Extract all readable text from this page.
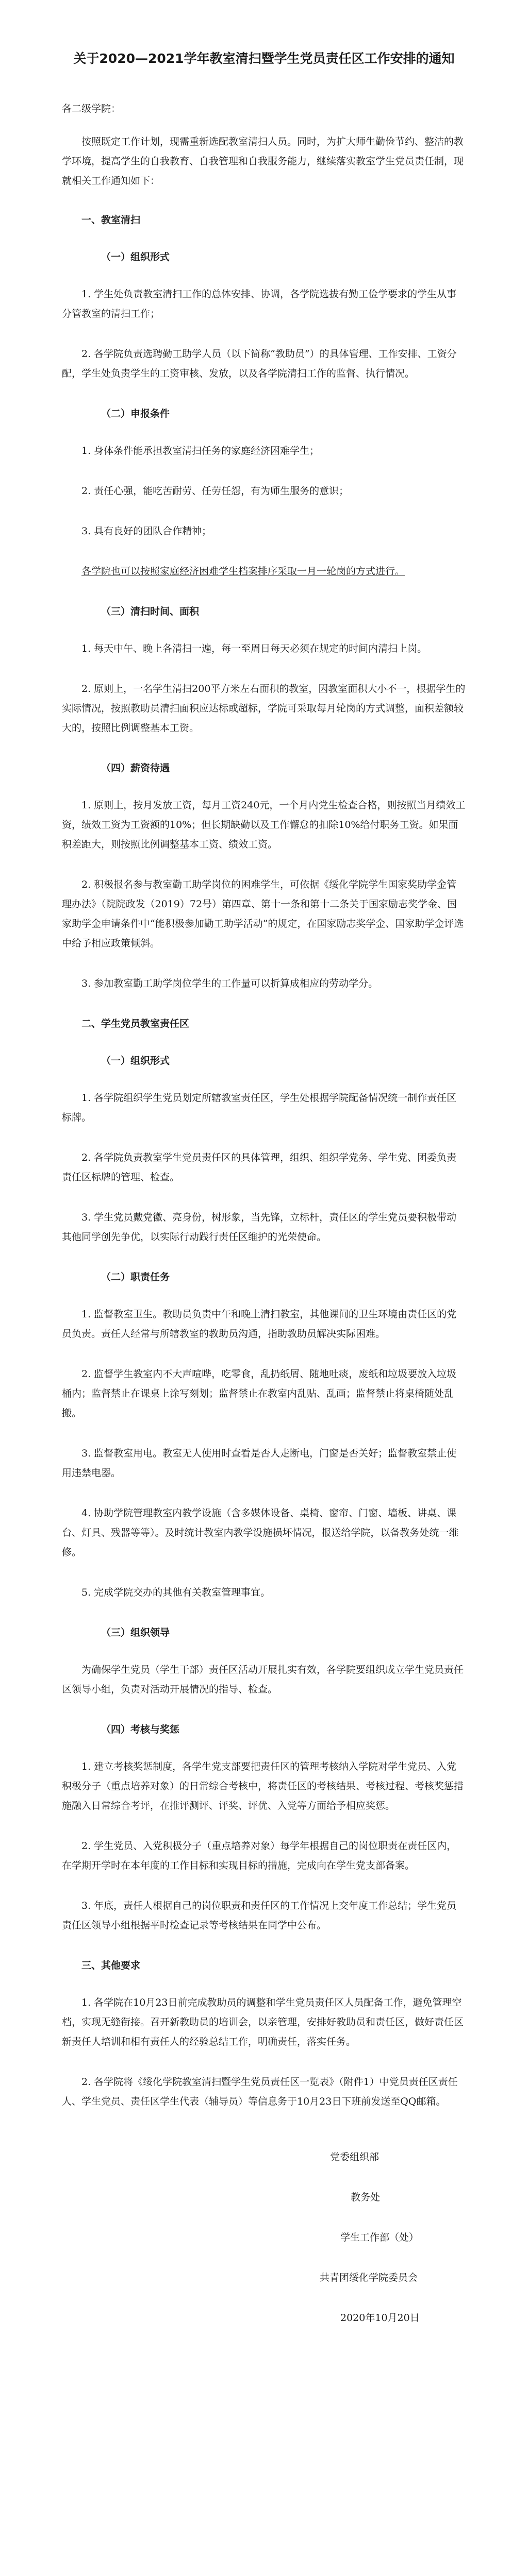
关于2020—2021学年教室清扫暨学生党员责任区工作安排的通知

各二级学院：

按照既定工作计划，现需重新选配教室清扫人员。同时，为扩大师生勤俭节约、整洁的教学环境，提高学生的自我教育、自我管理和自我服务能力，继续落实教室学生党员责任制，现就相关工作通知如下：

一、教室清扫

（一）组织形式

1. 学生处负责教室清扫工作的总体安排、协调，各学院选拔有勤工俭学要求的学生从事分管教室的清扫工作；

2. 各学院负责选聘勤工助学人员（以下简称“教助员”）的具体管理、工作安排、工资分配，学生处负责学生的工资审核、发放，以及各学院清扫工作的监督、执行情况。

（二）申报条件

1. 身体条件能承担教室清扫任务的家庭经济困难学生；

2. 责任心强，能吃苦耐劳、任劳任怨，有为师生服务的意识；

3. 具有良好的团队合作精神；

各学院也可以按照家庭经济困难学生档案排序采取一月一轮岗的方式进行。

（三）清扫时间、面积

1. 每天中午、晚上各清扫一遍，每一至周日每天必须在规定的时间内清扫上岗。

2. 原则上，一名学生清扫200平方米左右面积的教室，因教室面积大小不一，根据学生的实际情况，按照教助员清扫面积应达标或超标，学院可采取每月轮岗的方式调整，面积差额较大的，按照比例调整基本工资。

（四）薪资待遇

1. 原则上，按月发放工资，每月工资240元，一个月内党生检查合格，则按照当月绩效工资，绩效工资为工资额的10%；但长期缺勤以及工作懈怠的扣除10%给付职务工资。如果面积差距大，则按照比例调整基本工资、绩效工资。

2. 积极报名参与教室勤工助学岗位的困难学生，可依据《绥化学院学生国家奖助学金管理办法》（院院政发（2019）72号）第四章、第十一条和第十二条关于国家励志奖学金、国家助学金申请条件中“能积极参加勤工助学活动”的规定，在国家励志奖学金、国家助学金评选中给予相应政策倾斜。

3. 参加教室勤工助学岗位学生的工作量可以折算成相应的劳动学分。

二、学生党员教室责任区

（一）组织形式

1. 各学院组织学生党员划定所辖教室责任区，学生处根据学院配备情况统一制作责任区标牌。

2. 各学院负责教室学生党员责任区的具体管理，组织、组织学党务、学生党、团委负责责任区标牌的管理、检查。

3. 学生党员戴党徽、亮身份，树形象，当先锋，立标杆，责任区的学生党员要积极带动其他同学创先争优，以实际行动践行责任区维护的光荣使命。

（二）职责任务

1. 监督教室卫生。教助员负责中午和晚上清扫教室，其他课间的卫生环境由责任区的党员负责。责任人经常与所辖教室的教助员沟通，指助教助员解决实际困难。

2. 监督学生教室内不大声喧哗，吃零食，乱扔纸屑、随地吐痰，废纸和垃圾要放入垃圾桶内；监督禁止在课桌上涂写刻划；监督禁止在教室内乱贴、乱画；监督禁止将桌椅随处乱搬。

3. 监督教室用电。教室无人使用时查看是否人走断电，门窗是否关好；监督教室禁止使用违禁电器。

4. 协助学院管理教室内教学设施（含多媒体设备、桌椅、窗帘、门窗、墙板、讲桌、课台、灯具、残器等等）。及时统计教室内教学设施损坏情况，报送给学院，以备教务处统一维修。

5. 完成学院交办的其他有关教室管理事宜。

（三）组织领导

为确保学生党员（学生干部）责任区活动开展扎实有效，各学院要组织成立学生党员责任区领导小组，负责对活动开展情况的指导、检查。

（四）考核与奖惩

1. 建立考核奖惩制度，各学生党支部要把责任区的管理考核纳入学院对学生党员、入党积极分子（重点培养对象）的日常综合考核中，将责任区的考核结果、考核过程、考核奖惩措施融入日常综合考评，在推评测评、评奖、评优、入党等方面给予相应奖惩。

2. 学生党员、入党积极分子（重点培养对象）每学年根据自己的岗位职责在责任区内，在学期开学时在本年度的工作目标和实现目标的措施，完成向在学生党支部备案。

3. 年底，责任人根据自己的岗位职责和责任区的工作情况上交年度工作总结；学生党员责任区领导小组根据平时检查记录等考核结果在同学中公布。

三、其他要求

1. 各学院在10月23日前完成教助员的调整和学生党员责任区人员配备工作，避免管理空档，实现无缝衔接。召开新教助员的培训会，以亲管理，安排好教助员和责任区，做好责任区新责任人培训和相有责任人的经验总结工作，明确责任，落实任务。

2. 各学院将《绥化学院教室清扫暨学生党员责任区一览表》（附件1）中党员责任区责任人、学生党员、责任区学生代表（辅导员）等信息务于10月23日下班前发送至QQ邮箱。

党委组织部

教务处

学生工作部（处）

共青团绥化学院委员会

2020年10月20日
